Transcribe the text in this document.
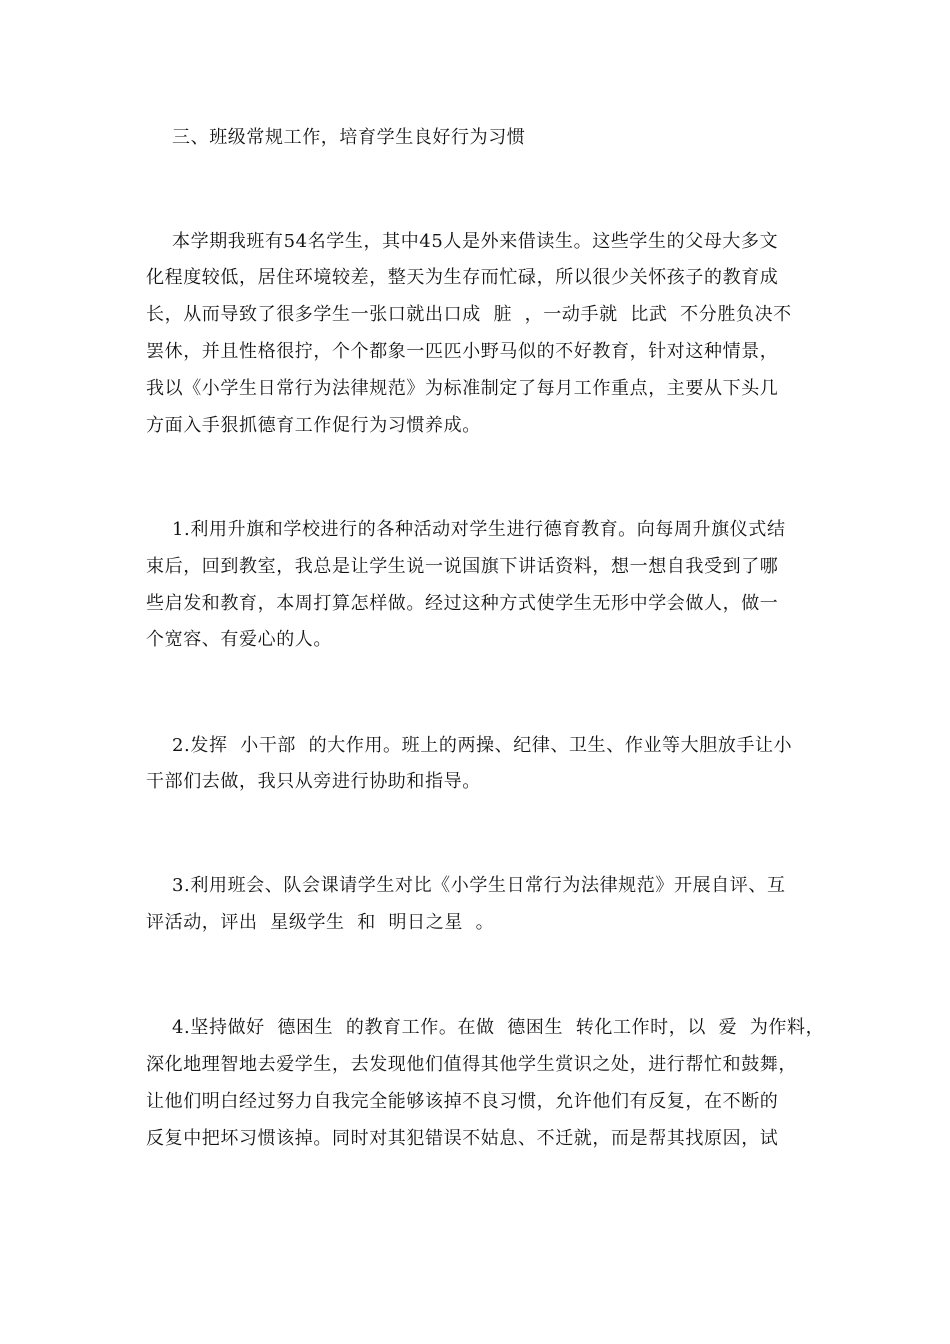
三、班级常规工作，培育学生良好行为习惯
本学期我班有54名学生，其中45人是外来借读生。这些学生的父母大多文
化程度较低，居住环境较差，整天为生存而忙碌，所以很少关怀孩子的教育成
长，从而导致了很多学生一张口就出口成  脏  ，一动手就  比武  不分胜负决不
罢休，并且性格很拧，个个都象一匹匹小野马似的不好教育，针对这种情景，
我以《小学生日常行为法律规范》为标准制定了每月工作重点，主要从下头几
方面入手狠抓德育工作促行为习惯养成。
1.利用升旗和学校进行的各种活动对学生进行德育教育。向每周升旗仪式结
束后，回到教室，我总是让学生说一说国旗下讲话资料，想一想自我受到了哪
些启发和教育，本周打算怎样做。经过这种方式使学生无形中学会做人，做一
个宽容、有爱心的人。
2.发挥  小干部  的大作用。班上的两操、纪律、卫生、作业等大胆放手让小
干部们去做，我只从旁进行协助和指导。
3.利用班会、队会课请学生对比《小学生日常行为法律规范》开展自评、互
评活动，评出  星级学生  和  明日之星  。
4.坚持做好  德困生  的教育工作。在做  德困生  转化工作时，以  爱  为作料，
深化地理智地去爱学生，去发现他们值得其他学生赏识之处，进行帮忙和鼓舞，
让他们明白经过努力自我完全能够该掉不良习惯，允许他们有反复，在不断的
反复中把坏习惯该掉。同时对其犯错误不姑息、不迁就，而是帮其找原因，试
